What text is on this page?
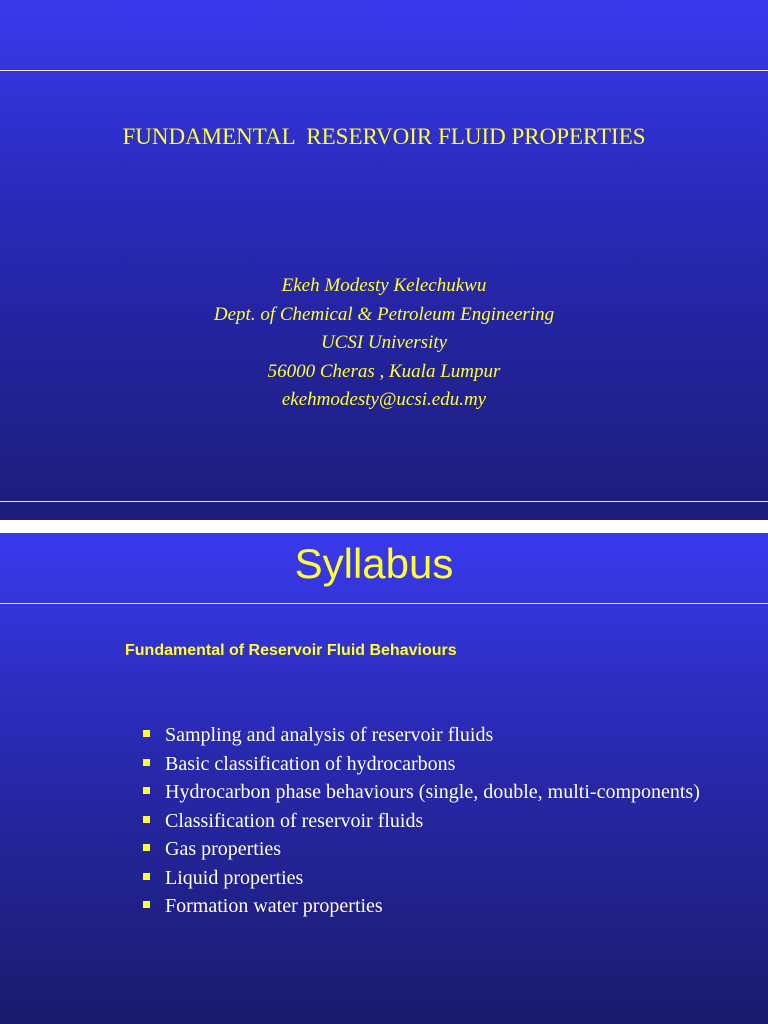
FUNDAMENTAL  RESERVOIR FLUID PROPERTIES
Ekeh Modesty Kelechukwu
Dept. of Chemical & Petroleum Engineering
UCSI University
56000 Cheras , Kuala Lumpur
ekehmodesty@ucsi.edu.my
Syllabus
Fundamental of Reservoir Fluid Behaviours
Sampling and analysis of reservoir fluids
Basic classification of hydrocarbons
Hydrocarbon phase behaviours (single, double, multi-components)
Classification of reservoir fluids
Gas properties
Liquid properties
Formation water properties
